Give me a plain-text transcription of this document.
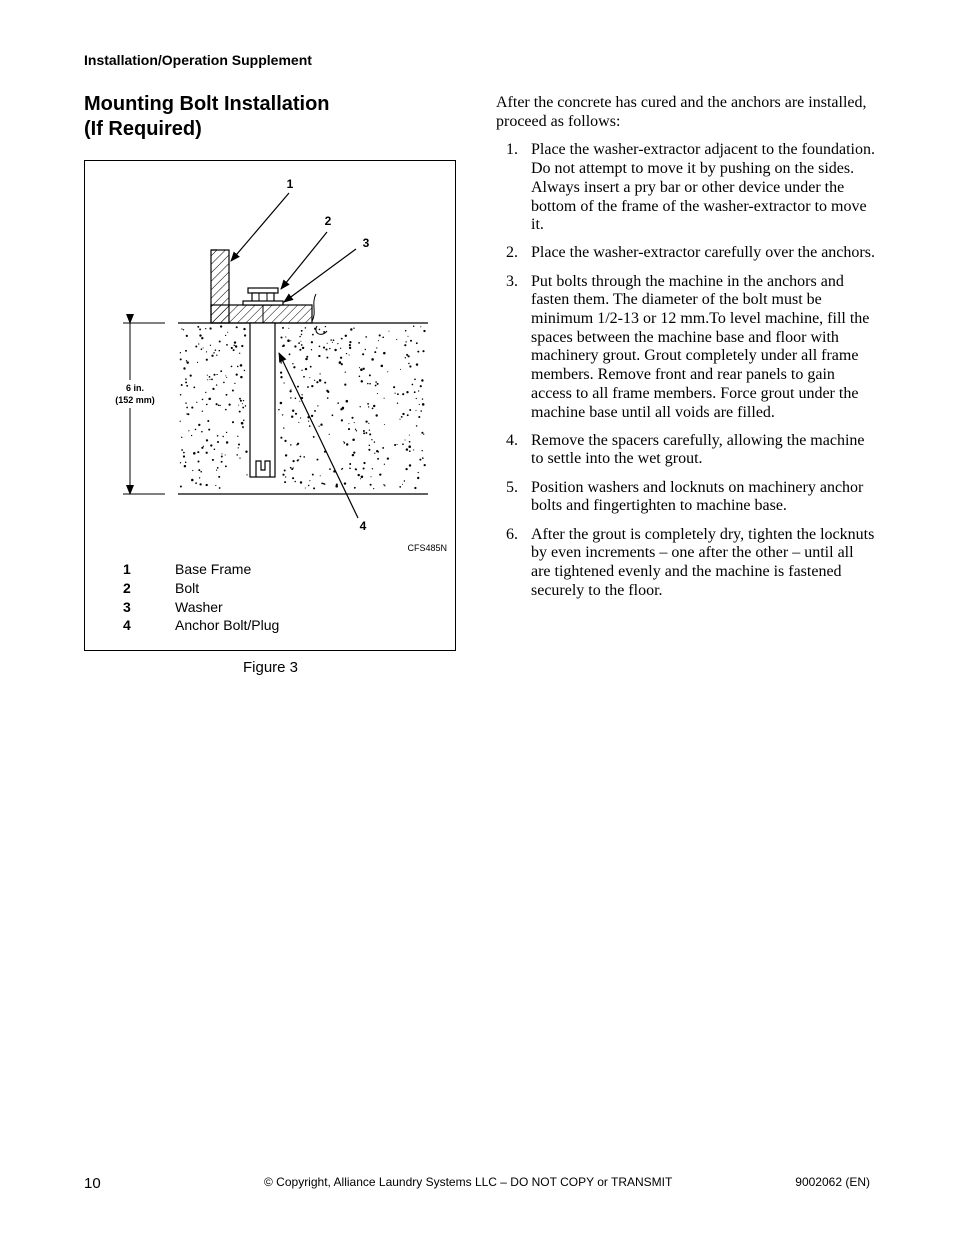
Installation/Operation Supplement
Mounting Bolt Installation
(If Required)
6 in.
(152 mm)
1
2
3
4
CFS485N
1	Base Frame
2	Bolt
3	Washer
4	Anchor Bolt/Plug
Figure 3

After the concrete has cured and the anchors are installed, proceed as follows:

1. Place the washer-extractor adjacent to the foundation. Do not attempt to move it by pushing on the sides. Always insert a pry bar or other device under the bottom of the frame of the washer-extractor to move it.
2. Place the washer-extractor carefully over the anchors.
3. Put bolts through the machine in the anchors and fasten them. The diameter of the bolt must be minimum 1/2-13 or 12 mm.To level machine, fill the spaces between the machine base and floor with machinery grout. Grout completely under all frame members. Remove front and rear panels to gain access to all frame members. Force grout under the machine base until all voids are filled.
4. Remove the spacers carefully, allowing the machine to settle into the wet grout.
5. Position washers and locknuts on machinery anchor bolts and fingertighten to machine base.
6. After the grout is completely dry, tighten the locknuts by even increments – one after the other – until all are tightened evenly and the machine is fastened securely to the floor.
10	© Copyright, Alliance Laundry Systems LLC – DO NOT COPY or TRANSMIT	9002062 (EN)
